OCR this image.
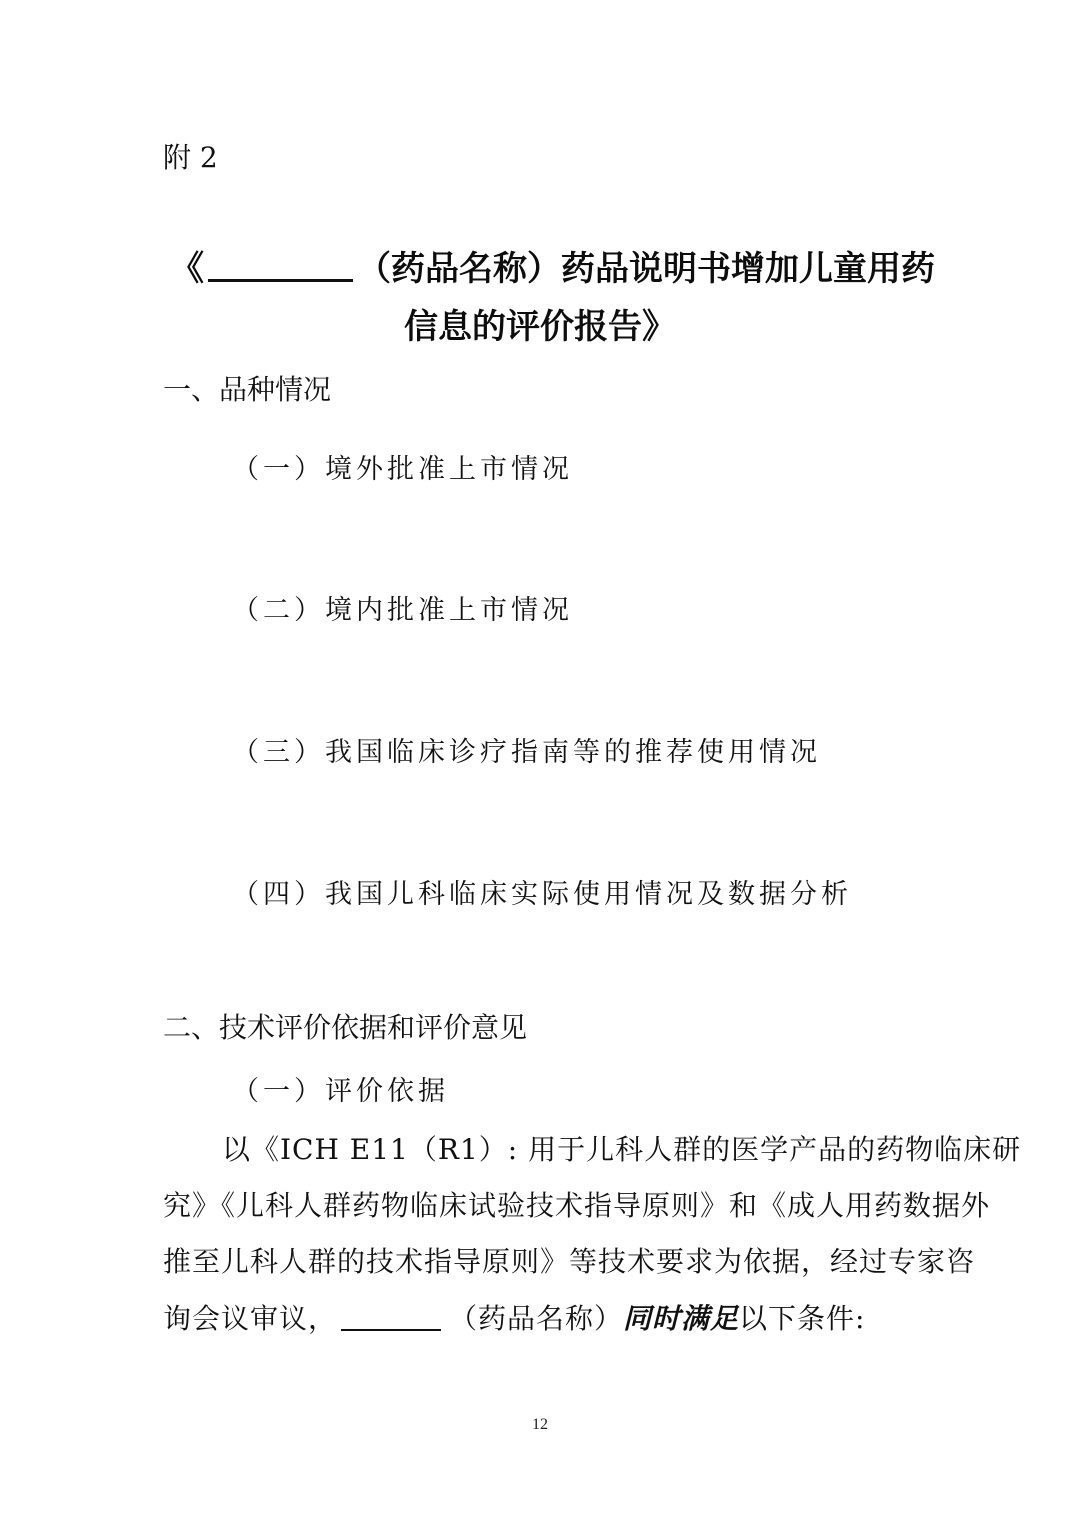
附 2
《	（药品名称）药品说明书增加儿童用药
信息的评价报告》
一、品种情况
（一）境外批准上市情况
（二）境内批准上市情况
（三）我国临床诊疗指南等的推荐使用情况
（四）我国儿科临床实际使用情况及数据分析
二、技术评价依据和评价意见
（一）评价依据
以《ICH E11（R1）: 用于儿科人群的医学产品的药物临床研
究》《儿科人群药物临床试验技术指导原则》和《成人用药数据外
推至儿科人群的技术指导原则》等技术要求为依据，经过专家咨
询会议审议，	（药品名称）同时满足以下条件:
12
